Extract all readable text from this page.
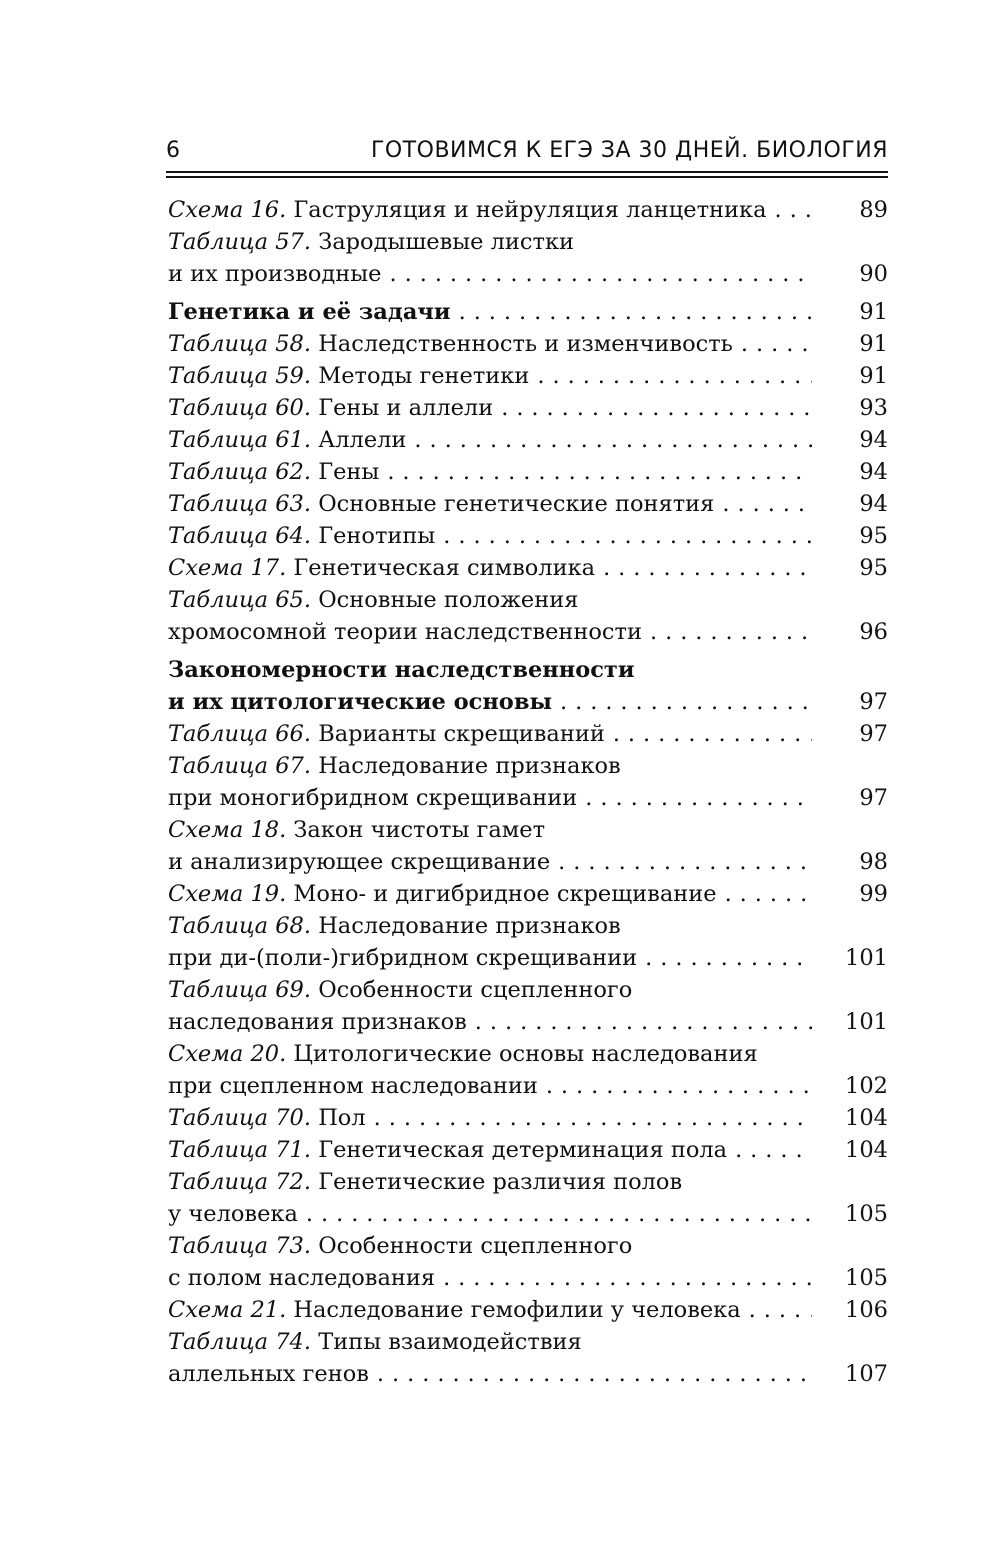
6	ГОТОВИМСЯ К ЕГЭ ЗА 30 ДНЕЙ. БИОЛОГИЯ
Схема 16. Гаструляция и нейруляция ланцетника	89
. . .
Таблица 57. Зародышевые листки
и их производные	90
. . .
Генетика и её задачи	91
. . .
Таблица 58. Наследственность и изменчивость	91
. . .
Таблица 59. Методы генетики	91
. . .
Таблица 60. Гены и аллели	93
. . .
Таблица 61. Аллели	94
. . .
Таблица 62. Гены	94
. . .
Таблица 63. Основные генетические понятия	94
. . .
Таблица 64. Генотипы	95
. . .
Схема 17. Генетическая символика	95
. . .
Таблица 65. Основные положения
хромосомной теории наследственности	96
. . .
Закономерности наследственности
и их цитологические основы	97
. . .
Таблица 66. Варианты скрещиваний	97
. . .
Таблица 67. Наследование признаков
при моногибридном скрещивании	97
. . .
Схема 18. Закон чистоты гамет
и анализирующее скрещивание	98
. . .
Схема 19. Моно- и дигибридное скрещивание	99
. . .
Таблица 68. Наследование признаков
при ди-(поли-)гибридном скрещивании	101
. . .
Таблица 69. Особенности сцепленного
наследования признаков	101
. . .
Схема 20. Цитологические основы наследования
при сцепленном наследовании	102
. . .
Таблица 70. Пол	104
. . .
Таблица 71. Генетическая детерминация пола	104
. . .
Таблица 72. Генетические различия полов
у человека	105
. . .
Таблица 73. Особенности сцепленного
с полом наследования	105
. . .
Схема 21. Наследование гемофилии у человека	106
. . .
Таблица 74. Типы взаимодействия
аллельных генов	107
. . .
